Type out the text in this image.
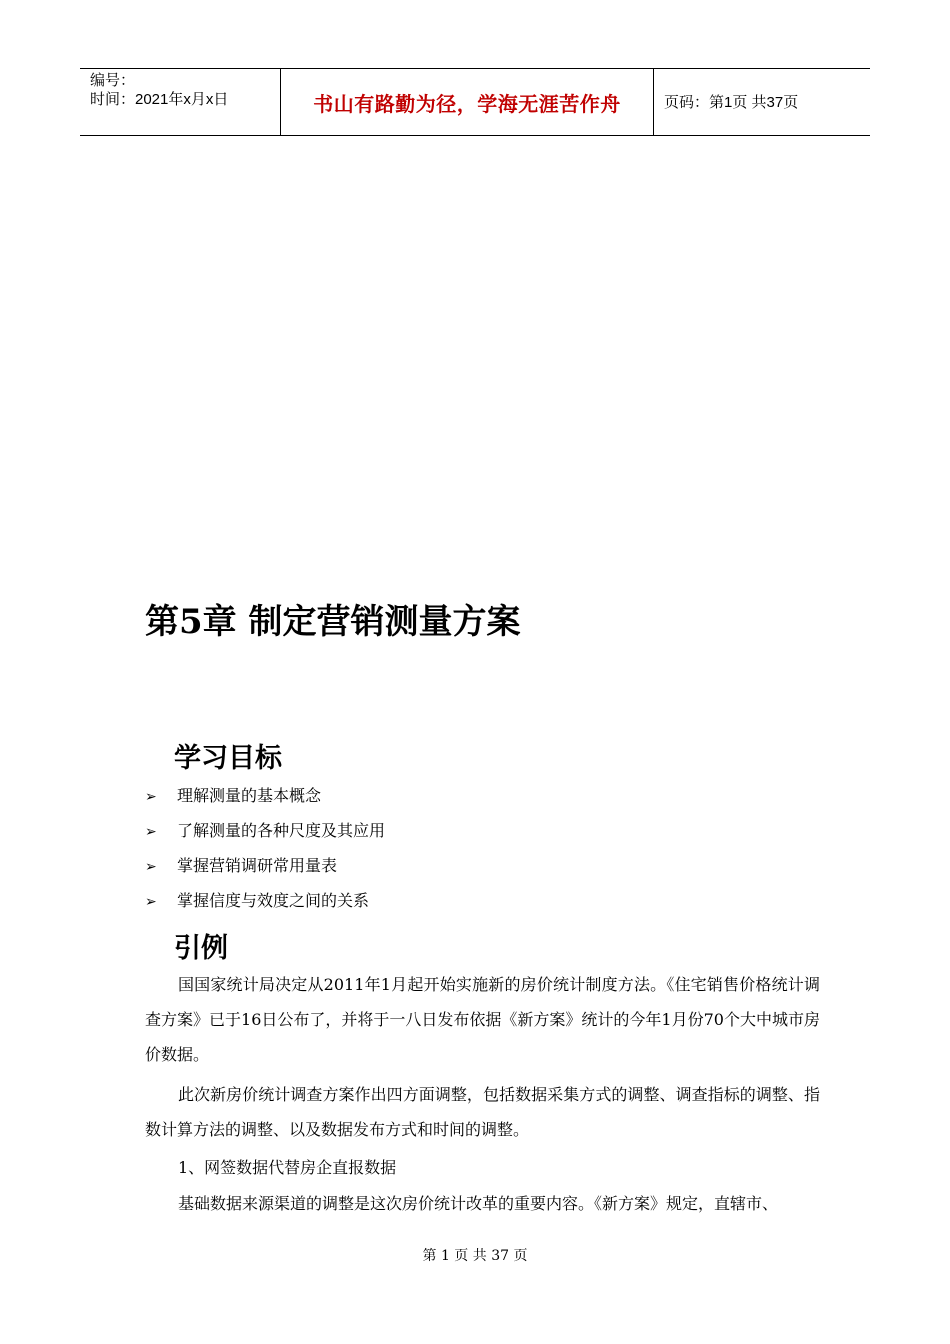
编号：
时间：2021年x月x日	书山有路勤为径，学海无涯苦作舟	页码：第1页 共37页
第5章 制定营销测量方案
学习目标
➢ 理解测量的基本概念
➢ 了解测量的各种尺度及其应用
➢ 掌握营销调研常用量表
➢ 掌握信度与效度之间的关系
引例

国国家统计局决定从2011年1月起开始实施新的房价统计制度方法。《住宅销售价格统计调查方案》已于16日公布了，并将于一八日发布依据《新方案》统计的今年1月份70个大中城市房价数据。

此次新房价统计调查方案作出四方面调整，包括数据采集方式的调整、调查指标的调整、指数计算方法的调整、以及数据发布方式和时间的调整。

1、网签数据代替房企直报数据

基础数据来源渠道的调整是这次房价统计改革的重要内容。《新方案》规定，直辖市、

第 1 页 共 37 页
